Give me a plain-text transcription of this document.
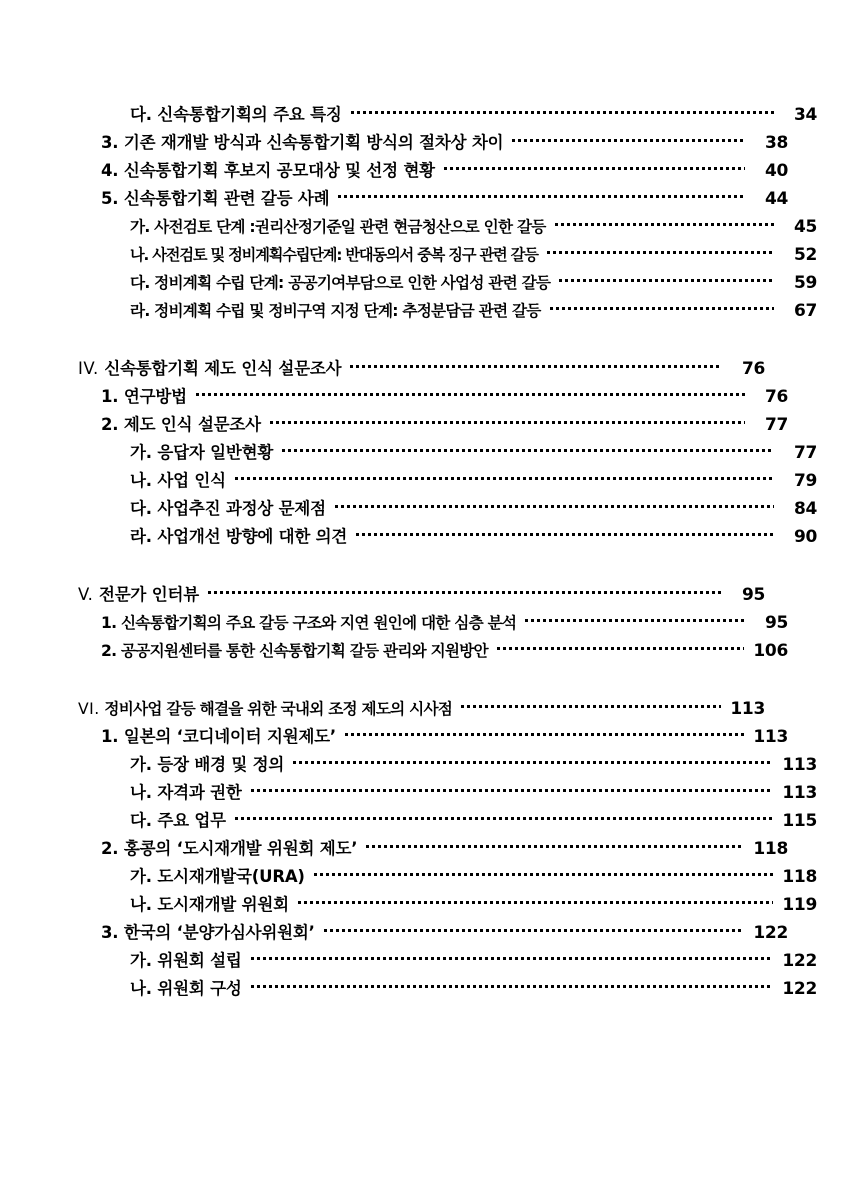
다. 신속통합기획의 주요 특징	34
3. 기존 재개발 방식과 신속통합기획 방식의 절차상 차이	38
4. 신속통합기획 후보지 공모대상 및 선정 현황	40
5. 신속통합기획 관련 갈등 사례	44
가. 사전검토 단계 :권리산정기준일 관련 현금청산으로 인한 갈등	45
나. 사전검토 및 정비계획수립단계: 반대동의서 중복 징구 관련 갈등	52
다. 정비계획 수립 단계: 공공기여부담으로 인한 사업성 관련 갈등	59
라. 정비계획 수립 및 정비구역 지정 단계: 추정분담금 관련 갈등	67
IV. 신속통합기획 제도 인식 설문조사	76
1. 연구방법	76
2. 제도 인식 설문조사	77
가. 응답자 일반현황	77
나. 사업 인식	79
다. 사업추진 과정상 문제점	84
라. 사업개선 방향에 대한 의견	90
V. 전문가 인터뷰	95
1. 신속통합기획의 주요 갈등 구조와 지연 원인에 대한 심층 분석	95
2. 공공지원센터를 통한 신속통합기획 갈등 관리와 지원방안	106
VI. 정비사업 갈등 해결을 위한 국내외 조정 제도의 시사점	113
1. 일본의 ‘코디네이터 지원제도’	113
가. 등장 배경 및 정의	113
나. 자격과 권한	113
다. 주요 업무	115
2. 홍콩의 ‘도시재개발 위원회 제도’	118
가. 도시재개발국(URA)	118
나. 도시재개발 위원회	119
3. 한국의 ‘분양가심사위원회’	122
가. 위원회 설립	122
나. 위원회 구성	122
